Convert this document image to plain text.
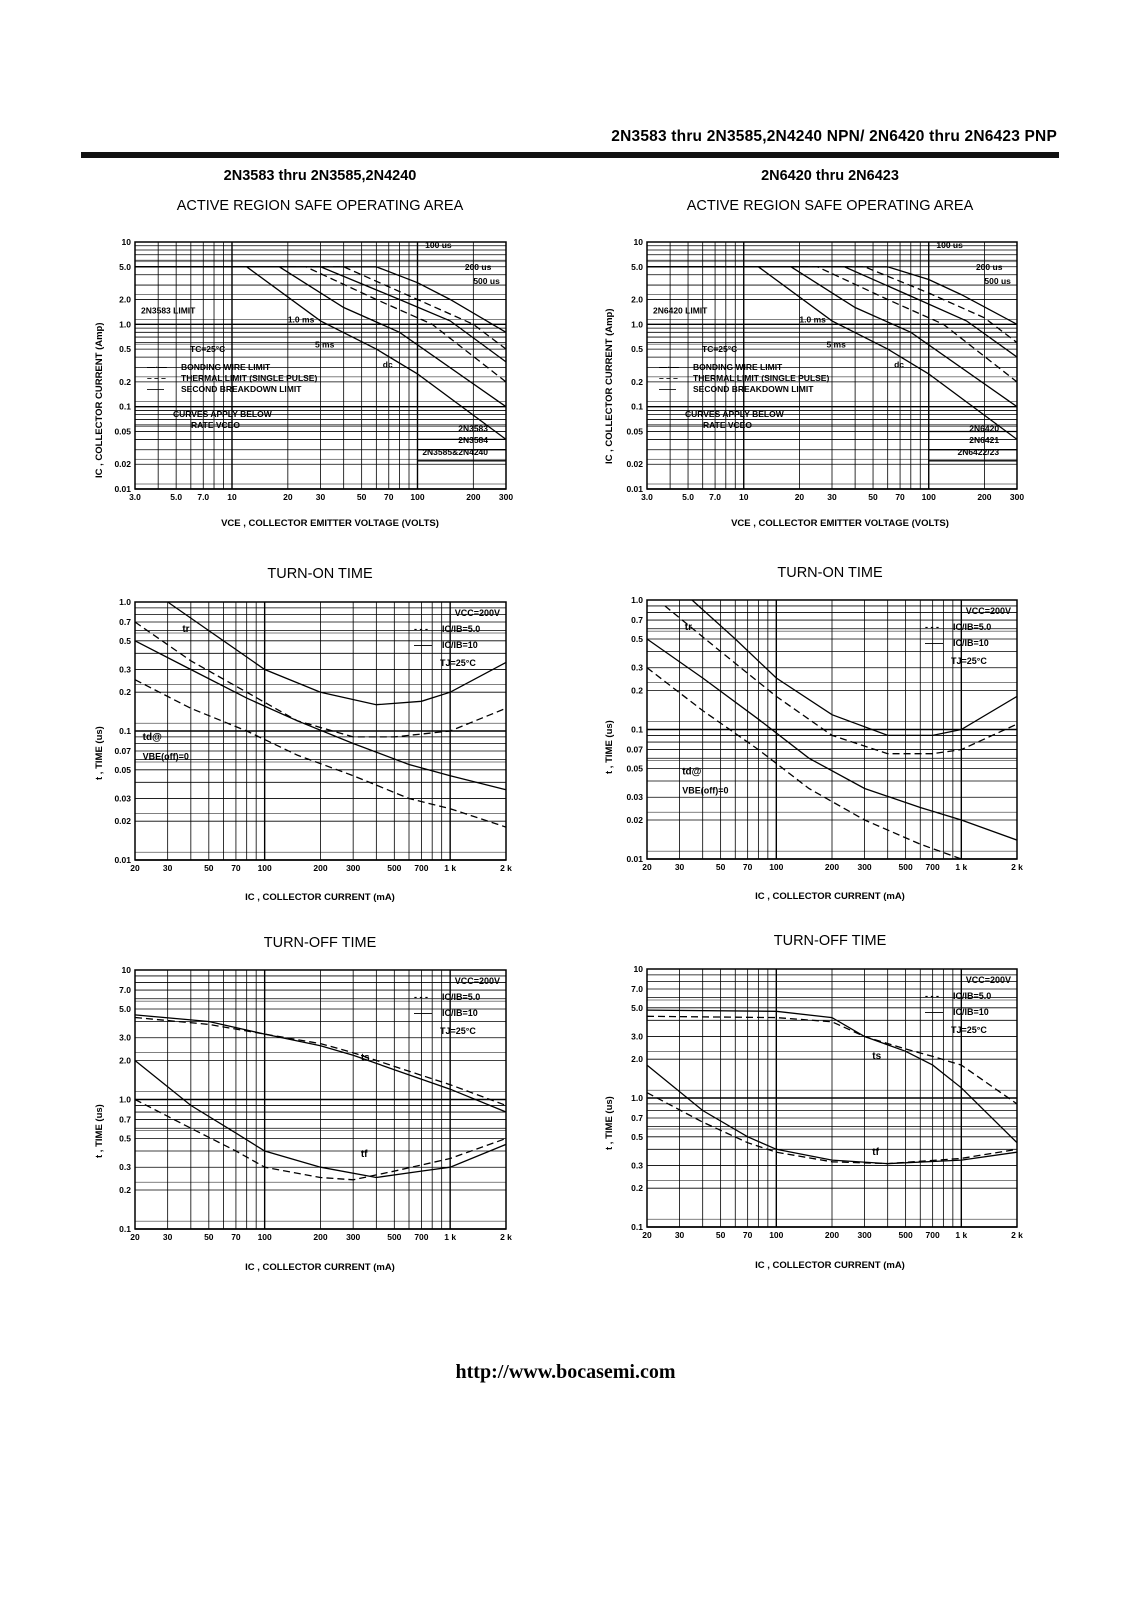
2N3583 thru 2N3585,2N4240 NPN/ 2N6420 thru 2N6423 PNP
2N3583 thru 2N3585,2N4240
ACTIVE REGION SAFE OPERATING AREA
IC , COLLECTOR CURRENT (Amp)
VCE , COLLECTOR EMITTER VOLTAGE (VOLTS)
TURN-ON TIME
t , TIME (us)
IC , COLLECTOR CURRENT (mA)
TURN-OFF TIME
t , TIME (us)
IC , COLLECTOR CURRENT (mA)
2N6420 thru 2N6423
ACTIVE REGION SAFE OPERATING AREA
IC , COLLECTOR CURRENT (Amp)
VCE , COLLECTOR EMITTER VOLTAGE (VOLTS)
TURN-ON TIME
t , TIME (us)
IC , COLLECTOR CURRENT (mA)
TURN-OFF TIME
t , TIME (us)
IC , COLLECTOR CURRENT (mA)
10
5.0
2.0
1.0
0.5
0.2
0.1
0.05
0.02
0.01
3.0	5.0 7.0 10	20	30	50 70 100	200 300
2N3583 LIMIT
TC=25°C
—·— BONDING WIRE LIMIT
– – – THERMAL LIMIT (SINGLE PULSE)
—— SECOND BREAKDOWN LIMIT
CURVES APPLY BELOW
RATE VCEO
100 us
200 us
500 us
1.0 ms
5 ms
dc
2N3583
2N3584
2N3585&2N4240
10
5.0
2.0
1.0
0.5
0.2
0.1
0.05
0.02
0.01
3.0	5.0 7.0 10	20	30	50 70 100	200 300
2N6420 LIMIT
TC=25°C
—·— BONDING WIRE LIMIT
– – – THERMAL LIMIT (SINGLE PULSE)
—— SECOND BREAKDOWN LIMIT
CURVES APPLY BELOW
RATE VCEO
100 us
200 us
500 us
1.0 ms
5 ms
dc
2N6420
2N6421
2N6422/23
1.0
0.7
0.5
0.3
0.2
0.1
0.07
0.05
0.03
0.02
0.01
20	30	50 70 100	200 300	500 700 1 k	2 k
VCC=200V
- - - IC/IB=5.0
—— IC/IB=10
TJ=25°C
tr
td@
VBE(off)=0
1.0
0.7
0.5
0.3
0.2
0.1
0.07
0.05
0.03
0.02
0.01
20	30	50 70 100	200 300	500 700 1 k	2 k
VCC=200V
- - - IC/IB=5.0
—— IC/IB=10
TJ=25°C
tr
td@
VBE(off)=0
10
7.0
5.0
3.0
2.0
1.0
0.7
0.5
0.3
0.2
0.1
20	30	50 70 100	200 300	500 700 1 k	2 k
VCC=200V
- - - IC/IB=5.0
—— IC/IB=10
TJ=25°C
ts
tf
10
7.0
5.0
3.0
2.0
1.0
0.7
0.5
0.3
0.2
0.1
20	30	50 70 100	200 300	500 700 1 k	2 k
VCC=200V
- - - IC/IB=5.0
—— IC/IB=10
TJ=25°C
ts
tf
http://www.bocasemi.com
